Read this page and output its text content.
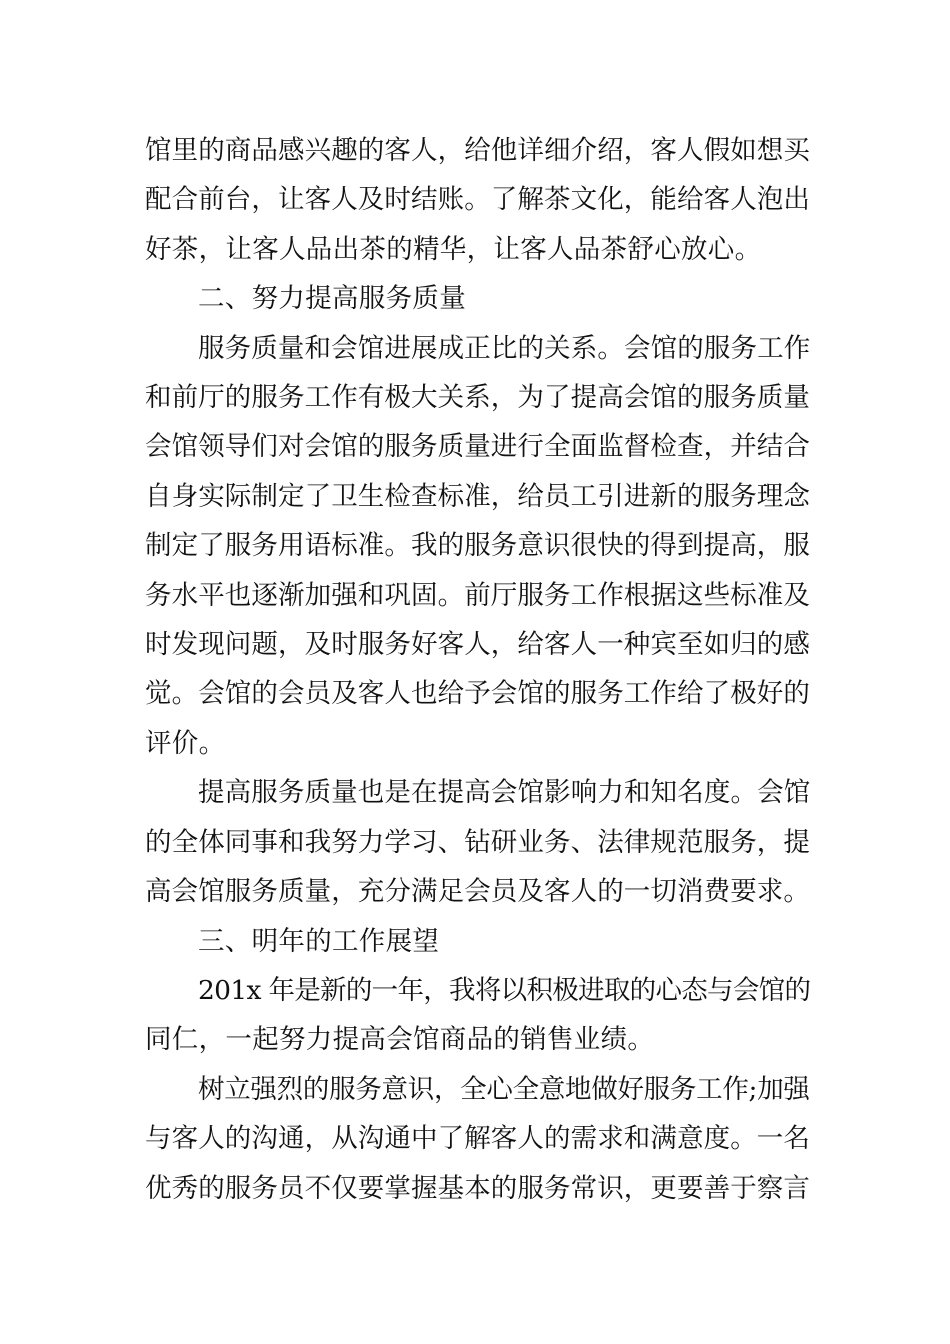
馆里的商品感兴趣的客人，给他详细介绍，客人假如想买
配合前台，让客人及时结账。了解茶文化，能给客人泡出
好茶，让客人品出茶的精华，让客人品茶舒心放心。
二、努力提高服务质量
服务质量和会馆进展成正比的关系。会馆的服务工作
和前厅的服务工作有极大关系，为了提高会馆的服务质量
会馆领导们对会馆的服务质量进行全面监督检查，并结合
自身实际制定了卫生检查标准，给员工引进新的服务理念
制定了服务用语标准。我的服务意识很快的得到提高，服
务水平也逐渐加强和巩固。前厅服务工作根据这些标准及
时发现问题，及时服务好客人，给客人一种宾至如归的感
觉。会馆的会员及客人也给予会馆的服务工作给了极好的
评价。
提高服务质量也是在提高会馆影响力和知名度。会馆
的全体同事和我努力学习、钻研业务、法律规范服务，提
高会馆服务质量，充分满足会员及客人的一切消费要求。
三、明年的工作展望
201x 年是新的一年，我将以积极进取的心态与会馆的
同仁，一起努力提高会馆商品的销售业绩。
树立强烈的服务意识，全心全意地做好服务工作;加强
与客人的沟通，从沟通中了解客人的需求和满意度。一名
优秀的服务员不仅要掌握基本的服务常识，更要善于察言
